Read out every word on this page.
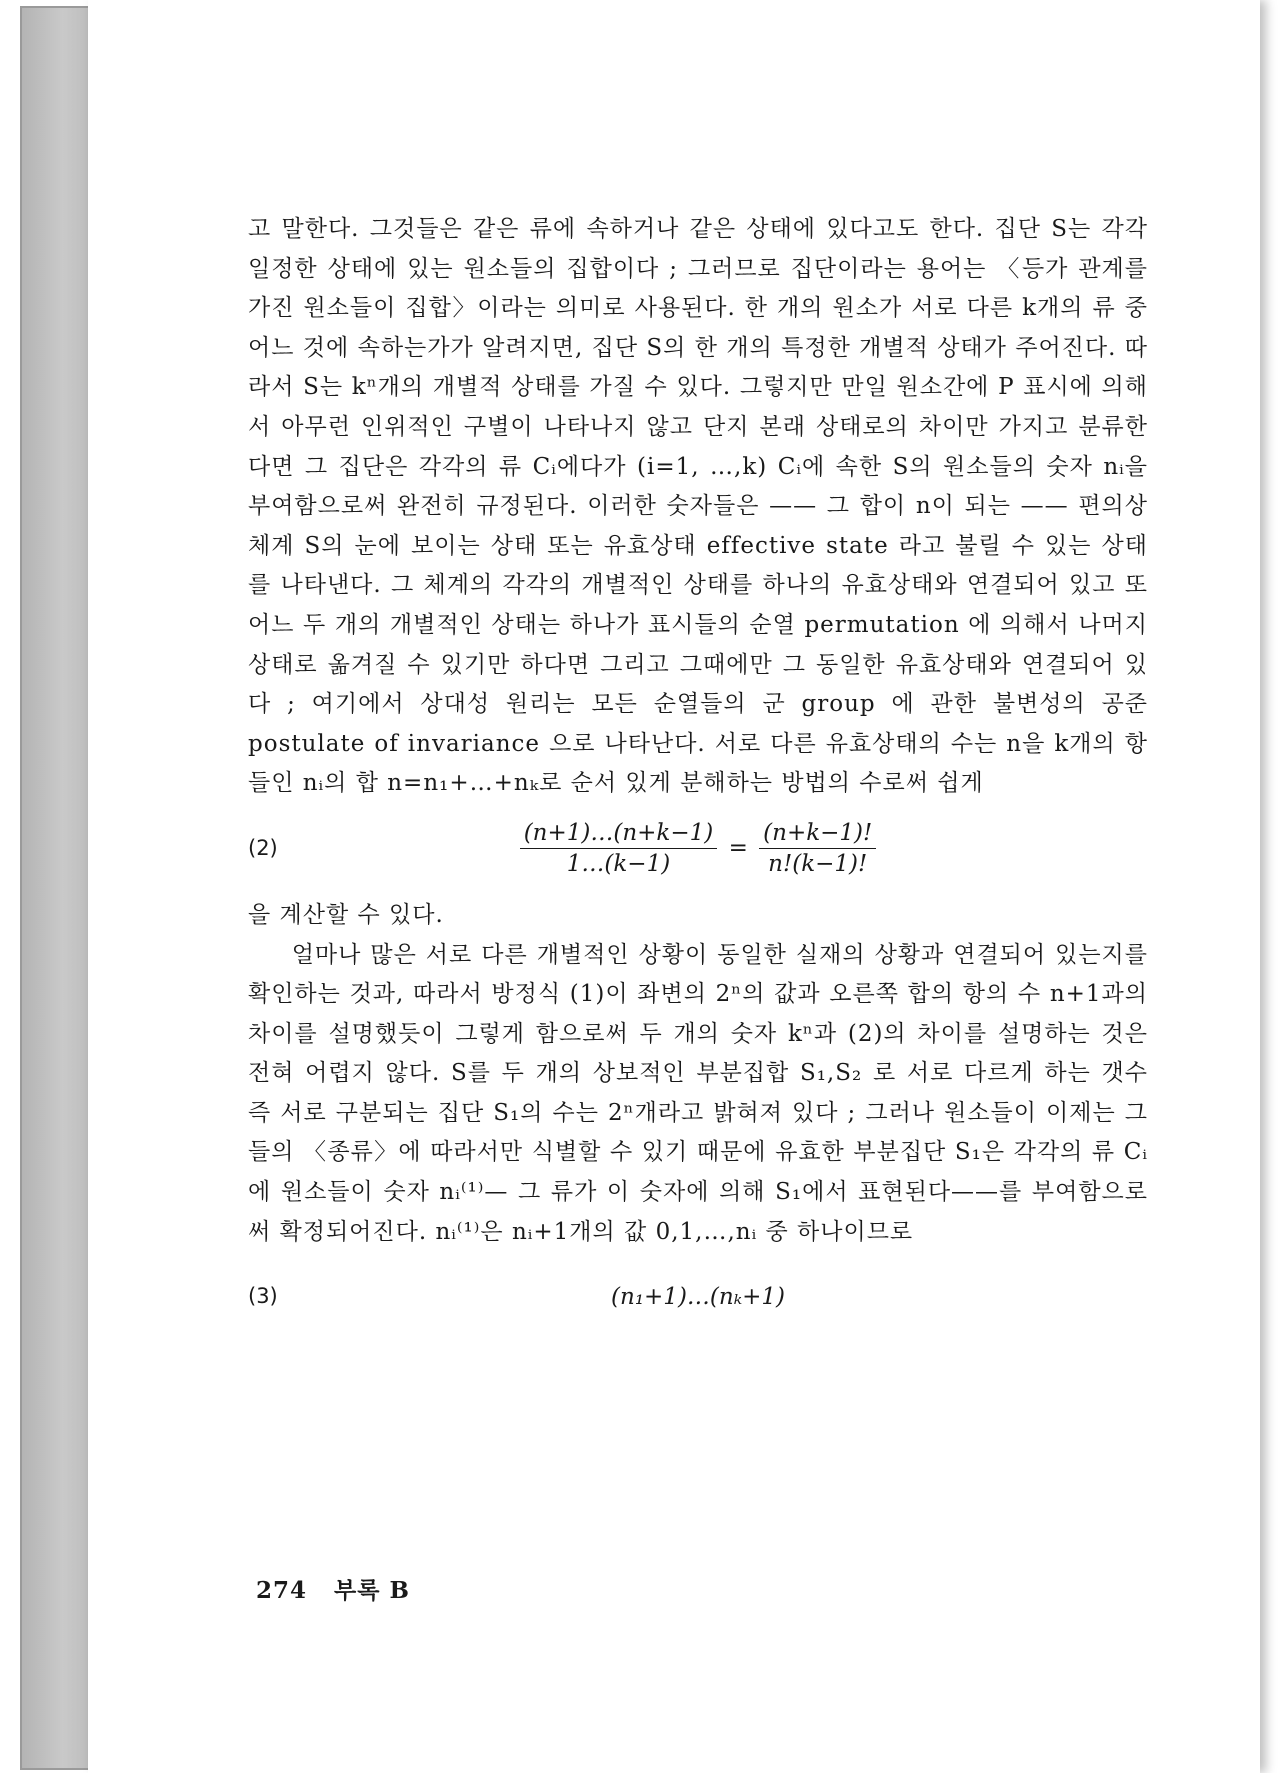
고 말한다. 그것들은 같은 류에 속하거나 같은 상태에 있다고도 한다. 집단 S는 각각 일정한 상태에 있는 원소들의 집합이다 ; 그러므로 집단이라는 용어는 〈등가 관계를 가진 원소들이 집합〉이라는 의미로 사용된다. 한 개의 원소가 서로 다른 k개의 류 중 어느 것에 속하는가가 알려지면, 집단 S의 한 개의 특정한 개별적 상태가 주어진다. 따라서 S는 kⁿ개의 개별적 상태를 가질 수 있다. 그렇지만 만일 원소간에 P 표시에 의해서 아무런 인위적인 구별이 나타나지 않고 단지 본래 상태로의 차이만 가지고 분류한다면 그 집단은 각각의 류 Cᵢ에다가 (i=1, …,k) Cᵢ에 속한 S의 원소들의 숫자 nᵢ을 부여함으로써 완전히 규정된다. 이러한 숫자들은 —— 그 합이 n이 되는 —— 편의상 체계 S의 눈에 보이는 상태 또는 유효상태 effective state 라고 불릴 수 있는 상태를 나타낸다. 그 체계의 각각의 개별적인 상태를 하나의 유효상태와 연결되어 있고 또 어느 두 개의 개별적인 상태는 하나가 표시들의 순열 permutation 에 의해서 나머지 상태로 옮겨질 수 있기만 하다면 그리고 그때에만 그 동일한 유효상태와 연결되어 있다 ; 여기에서 상대성 원리는 모든 순열들의 군 group 에 관한 불변성의 공준 postulate of invariance 으로 나타난다. 서로 다른 유효상태의 수는 n을 k개의 항들인 nᵢ의 합 n=n₁+…+nₖ로 순서 있게 분해하는 방법의 수로써 쉽게

(2)	$\frac{(n+1)\dots(n+k-1)}{1\dots(k-1)} = \frac{(n+k-1)!}{n!(k-1)!}$

을 계산할 수 있다.

얼마나 많은 서로 다른 개별적인 상황이 동일한 실재의 상황과 연결되어 있는지를 확인하는 것과, 따라서 방정식 (1)이 좌변의 2ⁿ의 값과 오른쪽 합의 항의 수 n+1과의 차이를 설명했듯이 그렇게 함으로써 두 개의 숫자 kⁿ과 (2)의 차이를 설명하는 것은 전혀 어렵지 않다. S를 두 개의 상보적인 부분집합 S₁,S₂ 로 서로 다르게 하는 갯수 즉 서로 구분되는 집단 S₁의 수는 2ⁿ개라고 밝혀져 있다 ; 그러나 원소들이 이제는 그들의 〈종류〉에 따라서만 식별할 수 있기 때문에 유효한 부분집단 S₁은 각각의 류 Cᵢ에 원소들이 숫자 nᵢ⁽¹⁾— 그 류가 이 숫자에 의해 S₁에서 표현된다——를 부여함으로써 확정되어진다. nᵢ⁽¹⁾은 nᵢ+1개의 값 0,1,…,nᵢ 중 하나이므로

(3)	(n₁+1)…(nₖ+1)
274 부록 B
